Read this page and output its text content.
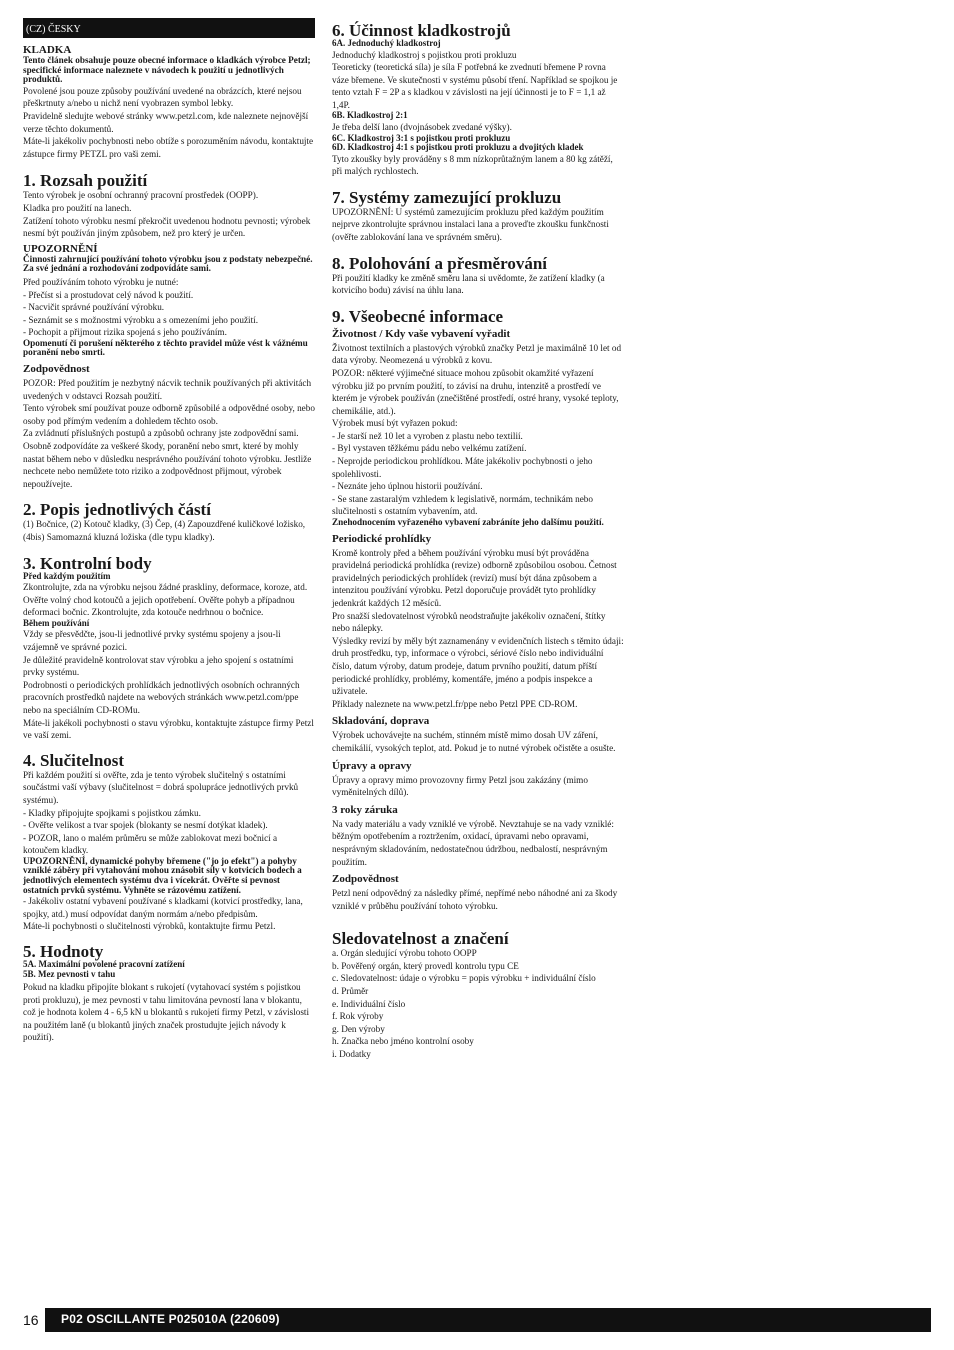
(CZ) ČESKY
KLADKA
Tento článek obsahuje pouze obecné informace o kladkách výrobce Petzl; specifické informace naleznete v návodech k použití u jednotlivých produktů.
Povolené jsou pouze způsoby používání uvedené na obrázcích, které nejsou přeškrtnuty a/nebo u nichž není vyobrazen symbol lebky.
Pravidelně sledujte webové stránky www.petzl.com, kde naleznete nejnovější verze těchto dokumentů.
Máte-li jakékoliv pochybnosti nebo obtíže s porozuměním návodu, kontaktujte zástupce firmy PETZL pro vaši zemi.
1. Rozsah použití
Tento výrobek je osobní ochranný pracovní prostředek (OOPP).
Kladka pro použití na lanech.
Zatížení tohoto výrobku nesmí překročit uvedenou hodnotu pevnosti; výrobek nesmí být používán jiným způsobem, než pro který je určen.
UPOZORNĚNÍ
Činnosti zahrnující používání tohoto výrobku jsou z podstaty nebezpečné.
Za své jednání a rozhodování zodpovídáte sami.
Před používáním tohoto výrobku je nutné:
- Přečíst si a prostudovat celý návod k použití.
- Nacvičit správné používání výrobku.
- Seznámit se s možnostmi výrobku a s omezeními jeho použití.
- Pochopit a přijmout rizika spojená s jeho používáním.
Opomenutí či porušení některého z těchto pravidel může vést k vážnému poranění nebo smrti.
Zodpovědnost
POZOR: Před použitím je nezbytný nácvik technik používaných při aktivitách uvedených v odstavci Rozsah použití.
Tento výrobek smí používat pouze odborně způsobilé a odpovědné osoby, nebo osoby pod přímým vedením a dohledem těchto osob.
Za zvládnutí příslušných postupů a způsobů ochrany jste zodpovědní sami.
Osobně zodpovídáte za veškeré škody, poranění nebo smrt, které by mohly nastat během nebo v důsledku nesprávného používání tohoto výrobku. Jestliže nechcete nebo nemůžete toto riziko a zodpovědnost přijmout, výrobek nepoužívejte.
2. Popis jednotlivých částí
(1) Bočnice, (2) Kotouč kladky, (3) Čep, (4) Zapouzdřené kuličkové ložisko, (4bis) Samomazná kluzná ložiska (dle typu kladky).
3. Kontrolní body
Před každým použitím
Zkontrolujte, zda na výrobku nejsou žádné praskliny, deformace, koroze, atd.
Ověřte volný chod kotoučů a jejich opotřebení. Ověřte pohyb a případnou deformaci bočnic. Zkontrolujte, zda kotouče nedrhnou o bočnice.
Během používání
Vždy se přesvědčte, jsou-li jednotlivé prvky systému spojeny a jsou-li vzájemně ve správné pozici.
Je důležité pravidelně kontrolovat stav výrobku a jeho spojení s ostatními prvky systému.
Podrobnosti o periodických prohlídkách jednotlivých osobních ochranných pracovních prostředků najdete na webových stránkách www.petzl.com/ppe nebo na speciálním CD-ROMu.
Máte-li jakékoli pochybnosti o stavu výrobku, kontaktujte zástupce firmy Petzl ve vaší zemi.
4. Slučitelnost
Při každém použití si ověřte, zda je tento výrobek slučitelný s ostatními součástmi vaší výbavy (slučitelnost = dobrá spolupráce jednotlivých prvků systému).
- Kladky připojujte spojkami s pojistkou zámku.
- Ověřte velikost a tvar spojek (blokanty se nesmí dotýkat kladek).
- POZOR, lano o malém průměru se může zablokovat mezi bočnicí a kotoučem kladky.
UPOZORNĚNÍ, dynamické pohyby břemene ("jo jo efekt") a pohyby vzniklé záběry při vytahování mohou znásobit síly v kotvicích bodech a jednotlivých elementech systému dva i vícekrát. Ověřte si pevnost ostatních prvků systému. Vyhněte se rázovému zatížení.
- Jakékoliv ostatní vybavení používané s kladkami (kotvicí prostředky, lana, spojky, atd.) musí odpovídat daným normám a/nebo předpisům.
Máte-li pochybnosti o slučitelnosti výrobků, kontaktujte firmu Petzl.
5. Hodnoty
5A. Maximální povolené pracovní zatížení
5B. Mez pevnosti v tahu
Pokud na kladku připojíte blokant s rukojetí (vytahovací systém s pojistkou proti prokluzu), je mez pevnosti v tahu limitována pevností lana v blokantu, což je hodnota kolem 4 - 6,5 kN u blokantů s rukojetí firmy Petzl, v závislosti na použitém laně (u blokantů jiných značek prostudujte jejich návody k použití).
6. Účinnost kladkostrojů
6A. Jednoduchý kladkostroj
Jednoduchý kladkostroj s pojistkou proti prokluzu
Teoreticky (teoretická síla) je síla F potřebná ke zvednutí břemene P rovna váze břemene. Ve skutečnosti v systému působí tření. Například se spojkou je tento vztah F = 2P a s kladkou v závislosti na její účinnosti je to F = 1,1 až 1,4P.
6B. Kladkostroj 2:1
Je třeba delší lano (dvojnásobek zvedané výšky).
6C. Kladkostroj 3:1 s pojistkou proti prokluzu
6D. Kladkostroj 4:1 s pojistkou proti prokluzu a dvojitých kladek
Tyto zkoušky byly prováděny s 8 mm nízkoprůtažným lanem a 80 kg zátěží, při malých rychlostech.
7. Systémy zamezující prokluzu
UPOZORNĚNÍ: U systémů zamezujícím prokluzu před každým použitím nejprve zkontrolujte správnou instalaci lana a proveďte zkoušku funkčnosti (ověřte zablokování lana ve správném směru).
8. Polohování a přesměrování
Při použití kladky ke změně směru lana si uvědomte, že zatížení kladky (a kotvicího bodu) závisí na úhlu lana.
9. Všeobecné informace
Životnost / Kdy vaše vybavení vyřadit
Životnost textilních a plastových výrobků značky Petzl je maximálně 10 let od data výroby. Neomezená u výrobků z kovu.
POZOR: některé výjimečné situace mohou způsobit okamžité vyřazení výrobku již po prvním použití, to závisí na druhu, intenzitě a prostředí ve kterém je výrobek používán (znečištěné prostředí, ostré hrany, vysoké teploty, chemikálie, atd.).
Výrobek musí být vyřazen pokud:
- Je starší než 10 let a vyroben z plastu nebo textilií.
- Byl vystaven těžkému pádu nebo velkému zatížení.
- Neprojde periodickou prohlídkou. Máte jakékoliv pochybnosti o jeho spolehlivosti.
- Neznáte jeho úplnou historii používání.
- Se stane zastaralým vzhledem k legislativě, normám, technikám nebo slučitelnosti s ostatním vybavením, atd.
Znehodnocením vyřazeného vybavení zabráníte jeho dalšímu použití.
Periodické prohlídky
Kromě kontroly před a během používání výrobku musí být prováděna pravidelná periodická prohlídka (revize) odborně způsobilou osobou. Četnost pravidelných periodických prohlídek (revizí) musí být dána způsobem a intenzitou používání výrobku. Petzl doporučuje provádět tyto prohlídky jedenkrát každých 12 měsíců.
Pro snažší sledovatelnost výrobků neodstraňujte jakékoliv označení, štítky nebo nálepky.
Výsledky revizí by měly být zaznamenány v evidenčních listech s těmito údaji: druh prostředku, typ, informace o výrobci, sériové číslo nebo individuální číslo, datum výroby, datum prodeje, datum prvního použití, datum příští periodické prohlídky, problémy, komentáře, jméno a podpis inspekce a uživatele.
Příklady naleznete na www.petzl.fr/ppe nebo Petzl PPE CD-ROM.
Skladování, doprava
Výrobek uchovávejte na suchém, stinném místě mimo dosah UV záření, chemikálií, vysokých teplot, atd. Pokud je to nutné výrobek očistěte a osušte.
Úpravy a opravy
Úpravy a opravy mimo provozovny firmy Petzl jsou zakázány (mimo vyměnitelných dílů).
3 roky záruka
Na vady materiálu a vady vzniklé ve výrobě. Nevztahuje se na vady vzniklé: běžným opotřebením a roztržením, oxidací, úpravami nebo opravami, nesprávným skladováním, nedostatečnou údržbou, nedbalostí, nesprávným použitím.
Zodpovědnost
Petzl není odpovědný za následky přímé, nepřímé nebo náhodné ani za škody vzniklé v průběhu používání tohoto výrobku.
Sledovatelnost a značení
a. Orgán sledující výrobu tohoto OOPP
b. Pověřený orgán, který provedl kontrolu typu CE
c. Sledovatelnost: údaje o výrobku = popis výrobku + individuální číslo
d. Průměr
e. Individuální číslo
f. Rok výroby
g. Den výroby
h. Značka nebo jméno kontrolní osoby
i. Dodatky
16 P02 OSCILLANTE P025010A (220609)
